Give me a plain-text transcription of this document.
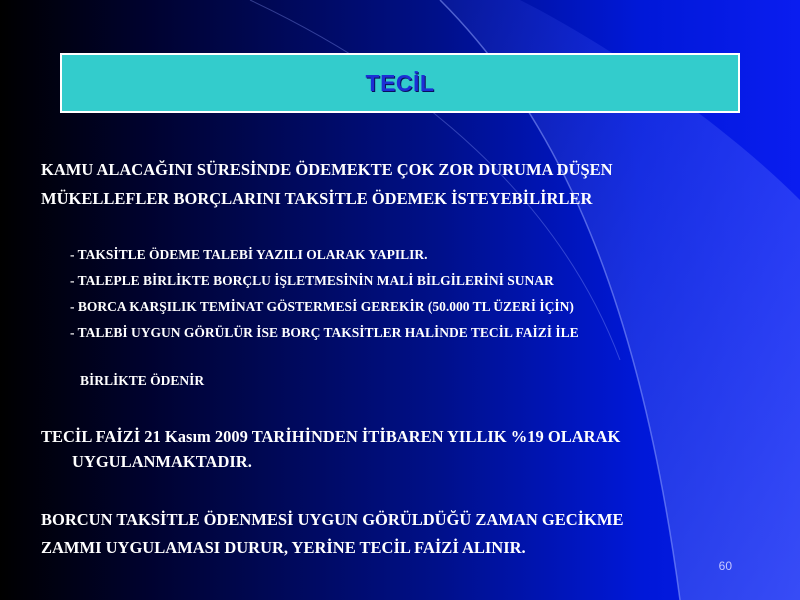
TECİL
KAMU ALACAĞINI SÜRESİNDE ÖDEMEKTE ÇOK ZOR DURUMA DÜŞEN
MÜKELLEFLER BORÇLARINI TAKSİTLE ÖDEMEK İSTEYEBİLİRLER
- TAKSİTLE ÖDEME TALEBİ YAZILI OLARAK YAPILIR.
- TALEPLE BİRLİKTE BORÇLU İŞLETMESİNİN MALİ BİLGİLERİNİ SUNAR
- BORCA KARŞILIK TEMİNAT GÖSTERMESİ GEREKİR (50.000 TL ÜZERİ İÇİN)
- TALEBİ UYGUN GÖRÜLÜR İSE BORÇ TAKSİTLER HALİNDE TECİL FAİZİ İLE
BİRLİKTE ÖDENİR
TECİL FAİZİ 21 Kasım 2009 TARİHİNDEN İTİBAREN YILLIK %19 OLARAK
UYGULANMAKTADIR.
BORCUN TAKSİTLE ÖDENMESİ UYGUN GÖRÜLDÜĞÜ ZAMAN GECİKME
ZAMMI UYGULAMASI DURUR, YERİNE TECİL FAİZİ ALINIR.
60
